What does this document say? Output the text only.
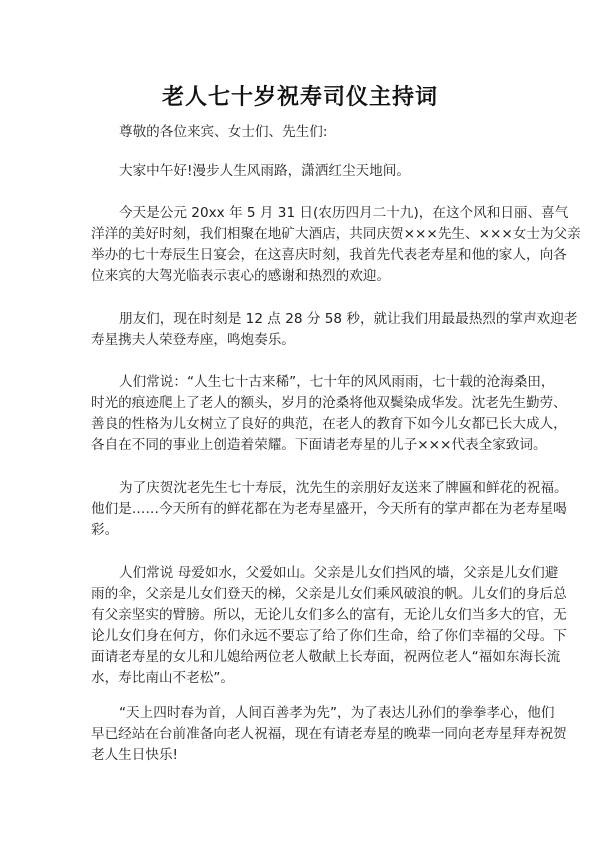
老人七十岁祝寿司仪主持词
尊敬的各位来宾、女士们、先生们:
大家中午好!漫步人生风雨路，潇洒红尘天地间。
今天是公元 20xx 年 5 月 31 日(农历四月二十九)，在这个风和日丽、喜气
洋洋的美好时刻，我们相聚在地矿大酒店，共同庆贺×××先生、×××女士为父亲
举办的七十寿辰生日宴会，在这喜庆时刻，我首先代表老寿星和他的家人，向各
位来宾的大驾光临表示衷心的感谢和热烈的欢迎。
朋友们，现在时刻是 12 点 28 分 58 秒，就让我们用最最热烈的掌声欢迎老
寿星携夫人荣登寿座，鸣炮奏乐。
人们常说：“人生七十古来稀”，七十年的风风雨雨，七十载的沧海桑田，
时光的痕迹爬上了老人的额头，岁月的沧桑将他双鬓染成华发。沈老先生勤劳、
善良的性格为儿女树立了良好的典范，在老人的教育下如今儿女都已长大成人，
各自在不同的事业上创造着荣耀。下面请老寿星的儿子×××代表全家致词。
为了庆贺沈老先生七十寿辰，沈先生的亲朋好友送来了牌匾和鲜花的祝福。
他们是……今天所有的鲜花都在为老寿星盛开，今天所有的掌声都在为老寿星喝
彩。
人们常说 母爱如水，父爱如山。父亲是儿女们挡风的墙，父亲是儿女们避
雨的伞，父亲是儿女们登天的梯，父亲是儿女们乘风破浪的帆。儿女们的身后总
有父亲坚实的臂膀。所以，无论儿女们多么的富有，无论儿女们当多大的官，无
论儿女们身在何方，你们永远不要忘了给了你们生命，给了你们幸福的父母。下
面请老寿星的女儿和儿媳给两位老人敬献上长寿面，祝两位老人“福如东海长流
水，寿比南山不老松”。
“天上四时春为首，人间百善孝为先”，为了表达儿孙们的拳拳孝心，他们
早已经站在台前准备向老人祝福，现在有请老寿星的晚辈一同向老寿星拜寿祝贺
老人生日快乐!
